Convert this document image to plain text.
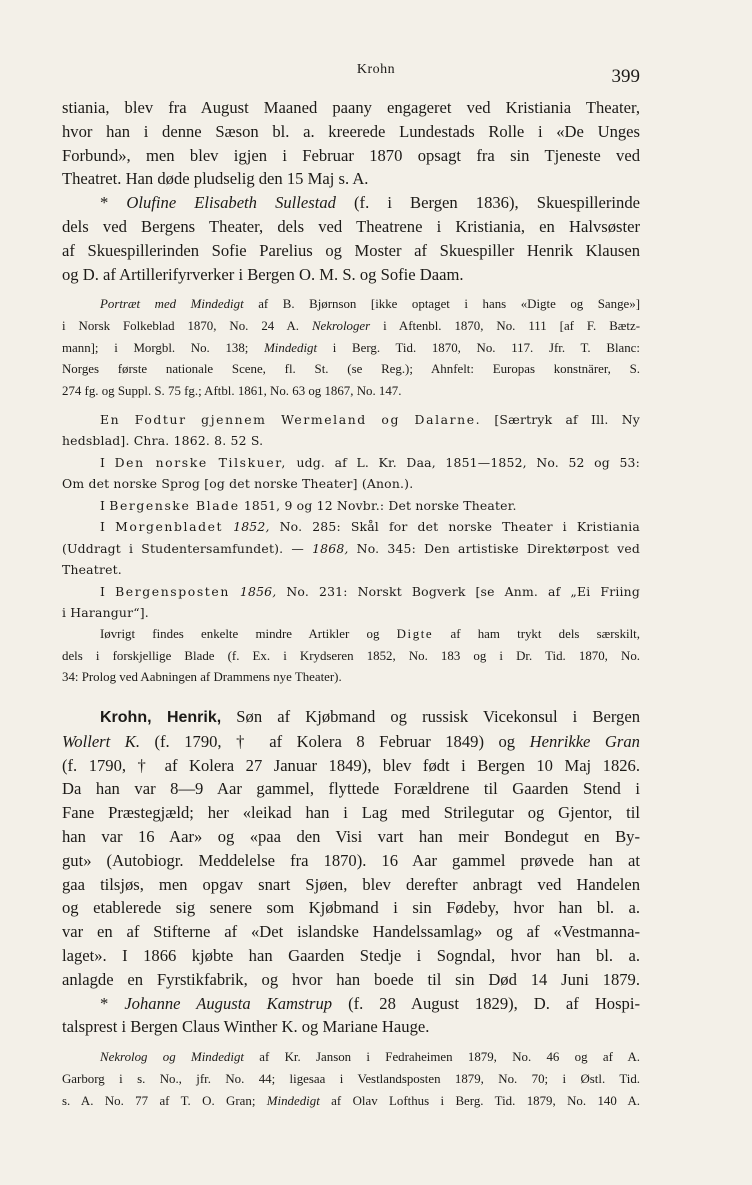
Krohn	399
stiania, blev fra August Maaned paany engageret ved Kristiania Theater,
hvor han i denne Sæson bl. a. kreerede Lundestads Rolle i «De Unges
Forbund», men blev igjen i Februar 1870 opsagt fra sin Tjeneste ved
Theatret. Han døde pludselig den 15 Maj s. A.
* Olufine Elisabeth Sullestad (f. i Bergen 1836), Skuespillerinde
dels ved Bergens Theater, dels ved Theatrene i Kristiania, en Halvsøster
af Skuespillerinden Sofie Parelius og Moster af Skuespiller Henrik Klausen
og D. af Artillerifyrverker i Bergen O. M. S. og Sofie Daam.
Portræt med Mindedigt af B. Bjørnson [ikke optaget i hans «Digte og Sange»]
i Norsk Folkeblad 1870, No. 24 A. Nekrologer i Aftenbl. 1870, No. 111 [af F. Bætz-
mann]; i Morgbl. No. 138; Mindedigt i Berg. Tid. 1870, No. 117. Jfr. T. Blanc:
Norges første nationale Scene, fl. St. (se Reg.); Ahnfelt: Europas konstnärer, S.
274 fg. og Suppl. S. 75 fg.; Aftbl. 1861, No. 63 og 1867, No. 147.
En Fodtur gjennem Wermeland og Dalarne. [Særtryk af Ill. Ny
hedsblad]. Chra. 1862. 8. 52 S.
I Den norske Tilskuer, udg. af L. Kr. Daa, 1851—1852, No. 52 og 53:
Om det norske Sprog [og det norske Theater] (Anon.).
I Bergenske Blade 1851, 9 og 12 Novbr.: Det norske Theater.
I Morgenbladet 1852, No. 285: Skål for det norske Theater i Kristiania
(Uddragt i Studentersamfundet). — 1868, No. 345: Den artistiske Direktørpost ved
Theatret.
I Bergensposten 1856, No. 231: Norskt Bogverk [se Anm. af „Ei Friing
i Harangur“].
Iøvrigt findes enkelte mindre Artikler og Digte af ham trykt dels særskilt,
dels i forskjellige Blade (f. Ex. i Krydseren 1852, No. 183 og i Dr. Tid. 1870, No.
34: Prolog ved Aabningen af Drammens nye Theater).
Krohn, Henrik, Søn af Kjøbmand og russisk Vicekonsul i Bergen
Wollert K. (f. 1790, † af Kolera 8 Februar 1849) og Henrikke Gran
(f. 1790, † af Kolera 27 Januar 1849), blev født i Bergen 10 Maj 1826.
Da han var 8—9 Aar gammel, flyttede Forældrene til Gaarden Stend i
Fane Præstegjæld; her «leikad han i Lag med Strilegutar og Gjentor, til
han var 16 Aar» og «paa den Visi vart han meir Bondegut en By-
gut» (Autobiogr. Meddelelse fra 1870). 16 Aar gammel prøvede han at
gaa tilsjøs, men opgav snart Sjøen, blev derefter anbragt ved Handelen
og etablerede sig senere som Kjøbmand i sin Fødeby, hvor han bl. a.
var en af Stifterne af «Det islandske Handelssamlag» og af «Vestmanna-
laget». I 1866 kjøbte han Gaarden Stedje i Sogndal, hvor han bl. a.
anlagde en Fyrstikfabrik, og hvor han boede til sin Død 14 Juni 1879.
* Johanne Augusta Kamstrup (f. 28 August 1829), D. af Hospi-
talsprest i Bergen Claus Winther K. og Mariane Hauge.
Nekrolog og Mindedigt af Kr. Janson i Fedraheimen 1879, No. 46 og af A.
Garborg i s. No., jfr. No. 44; ligesaa i Vestlandsposten 1879, No. 70; i Østl. Tid.
s. A. No. 77 af T. O. Gran; Mindedigt af Olav Lofthus i Berg. Tid. 1879, No. 140 A.
